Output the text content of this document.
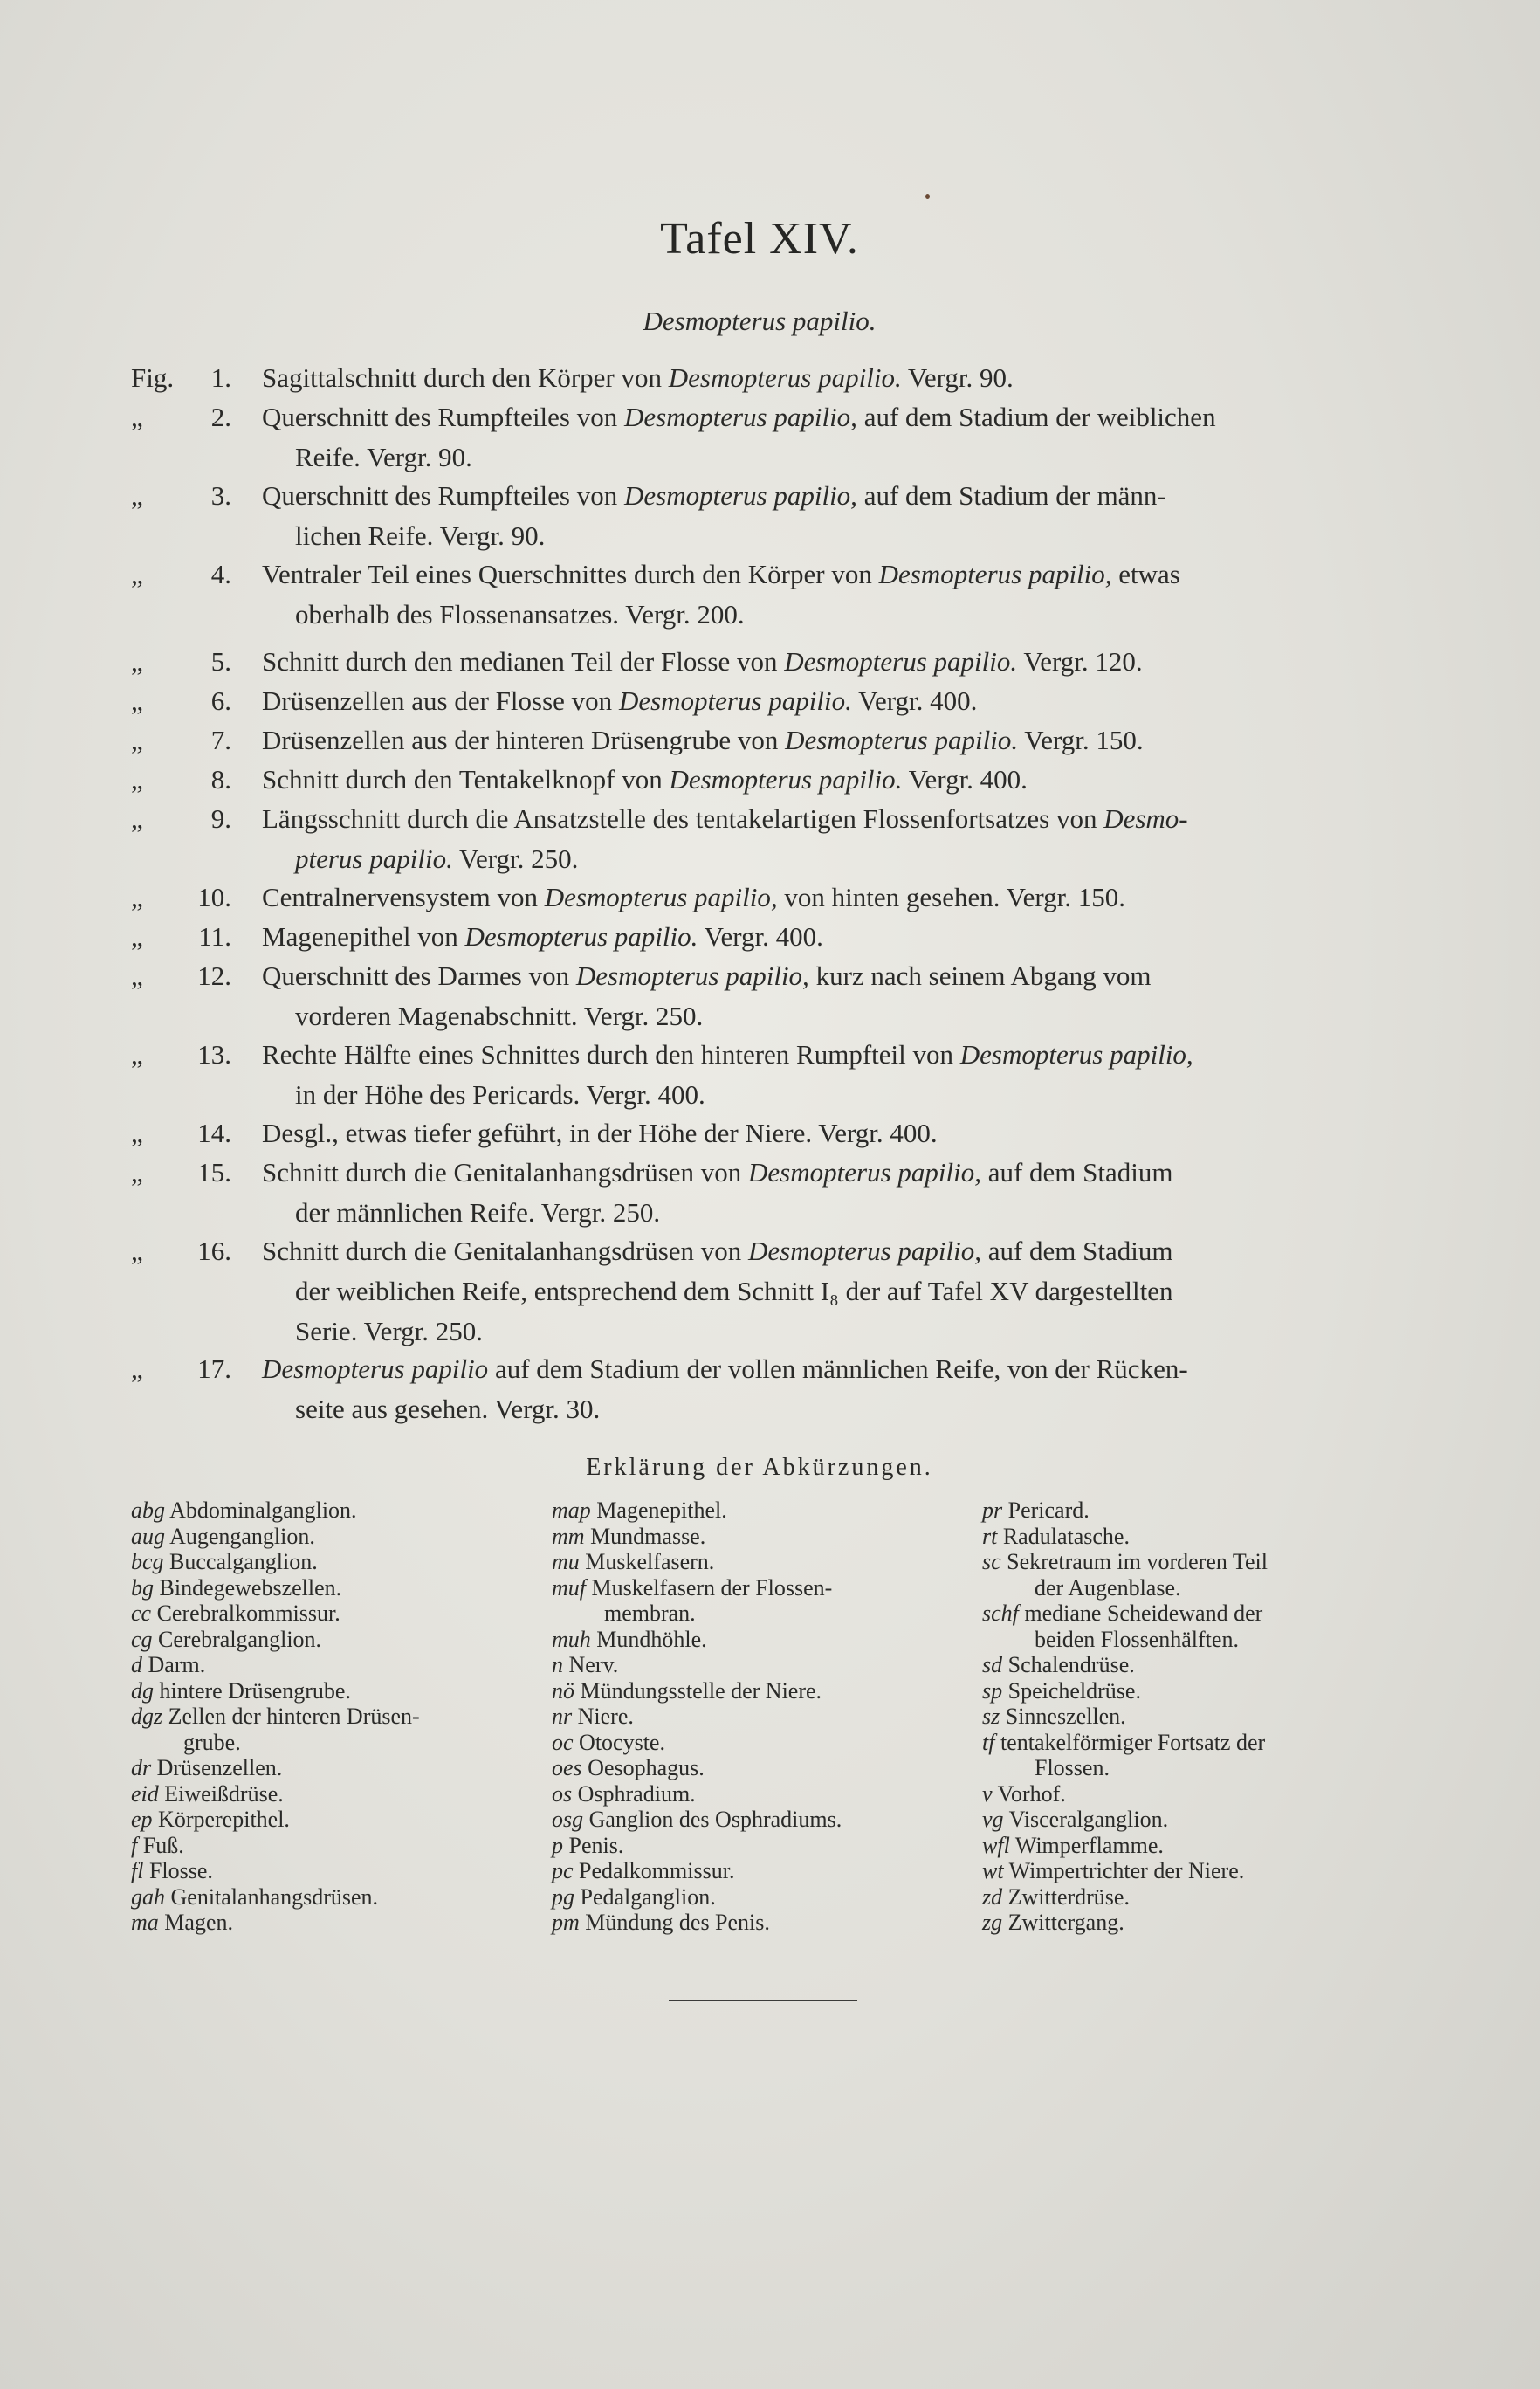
Tafel XIV.
Desmopterus papilio.
Fig.	1. Sagittalschnitt durch den Körper von Desmopterus papilio. Vergr. 90.
„	2. Querschnitt des Rumpfteiles von Desmopterus papilio, auf dem Stadium der weiblichen
Reife. Vergr. 90.
„	3. Querschnitt des Rumpfteiles von Desmopterus papilio, auf dem Stadium der männ-
lichen Reife. Vergr. 90.
„	4. Ventraler Teil eines Querschnittes durch den Körper von Desmopterus papilio, etwas
oberhalb des Flossenansatzes. Vergr. 200.
„	5. Schnitt durch den medianen Teil der Flosse von Desmopterus papilio. Vergr. 120.
„	6. Drüsenzellen aus der Flosse von Desmopterus papilio. Vergr. 400.
„	7. Drüsenzellen aus der hinteren Drüsengrube von Desmopterus papilio. Vergr. 150.
„	8. Schnitt durch den Tentakelknopf von Desmopterus papilio. Vergr. 400.
„	9. Längsschnitt durch die Ansatzstelle des tentakelartigen Flossenfortsatzes von Desmo-
pterus papilio. Vergr. 250.
„	10. Centralnervensystem von Desmopterus papilio, von hinten gesehen. Vergr. 150.
„	11. Magenepithel von Desmopterus papilio. Vergr. 400.
„	12. Querschnitt des Darmes von Desmopterus papilio, kurz nach seinem Abgang vom
vorderen Magenabschnitt. Vergr. 250.
„	13. Rechte Hälfte eines Schnittes durch den hinteren Rumpfteil von Desmopterus papilio,
in der Höhe des Pericards. Vergr. 400.
„	14. Desgl., etwas tiefer geführt, in der Höhe der Niere. Vergr. 400.
„	15. Schnitt durch die Genitalanhangsdrüsen von Desmopterus papilio, auf dem Stadium
der männlichen Reife. Vergr. 250.
„	16. Schnitt durch die Genitalanhangsdrüsen von Desmopterus papilio, auf dem Stadium
der weiblichen Reife, entsprechend dem Schnitt I₈ der auf Tafel XV dargestellten
Serie. Vergr. 250.
„	17. Desmopterus papilio auf dem Stadium der vollen männlichen Reife, von der Rücken-
seite aus gesehen. Vergr. 30.
Erklärung der Abkürzungen.
abg Abdominalganglion.
aug Augenganglion.
bcg Buccalganglion.
bg Bindegewebszellen.
cc Cerebralkommissur.
cg Cerebralganglion.
d Darm.
dg hintere Drüsengrube.
dgz Zellen der hinteren Drüsen-
grube.
dr Drüsenzellen.
eid Eiweißdrüse.
ep Körperepithel.
f Fuß.
fl Flosse.
gah Genitalanhangsdrüsen.
ma Magen.
map Magenepithel.
mm Mundmasse.
mu Muskelfasern.
muf Muskelfasern der Flossen-
membran.
muh Mundhöhle.
n Nerv.
nö Mündungsstelle der Niere.
nr Niere.
oc Otocyste.
oes Oesophagus.
os Osphradium.
osg Ganglion des Osphradiums.
p Penis.
pc Pedalkommissur.
pg Pedalganglion.
pm Mündung des Penis.
pr Pericard.
rt Radulatasche.
sc Sekretraum im vorderen Teil
der Augenblase.
schf mediane Scheidewand der
beiden Flossenhälften.
sd Schalendrüse.
sp Speicheldrüse.
sz Sinneszellen.
tf tentakelförmiger Fortsatz der
Flossen.
v Vorhof.
vg Visceralganglion.
wfl Wimperflamme.
wt Wimpertrichter der Niere.
zd Zwitterdrüse.
zg Zwittergang.
